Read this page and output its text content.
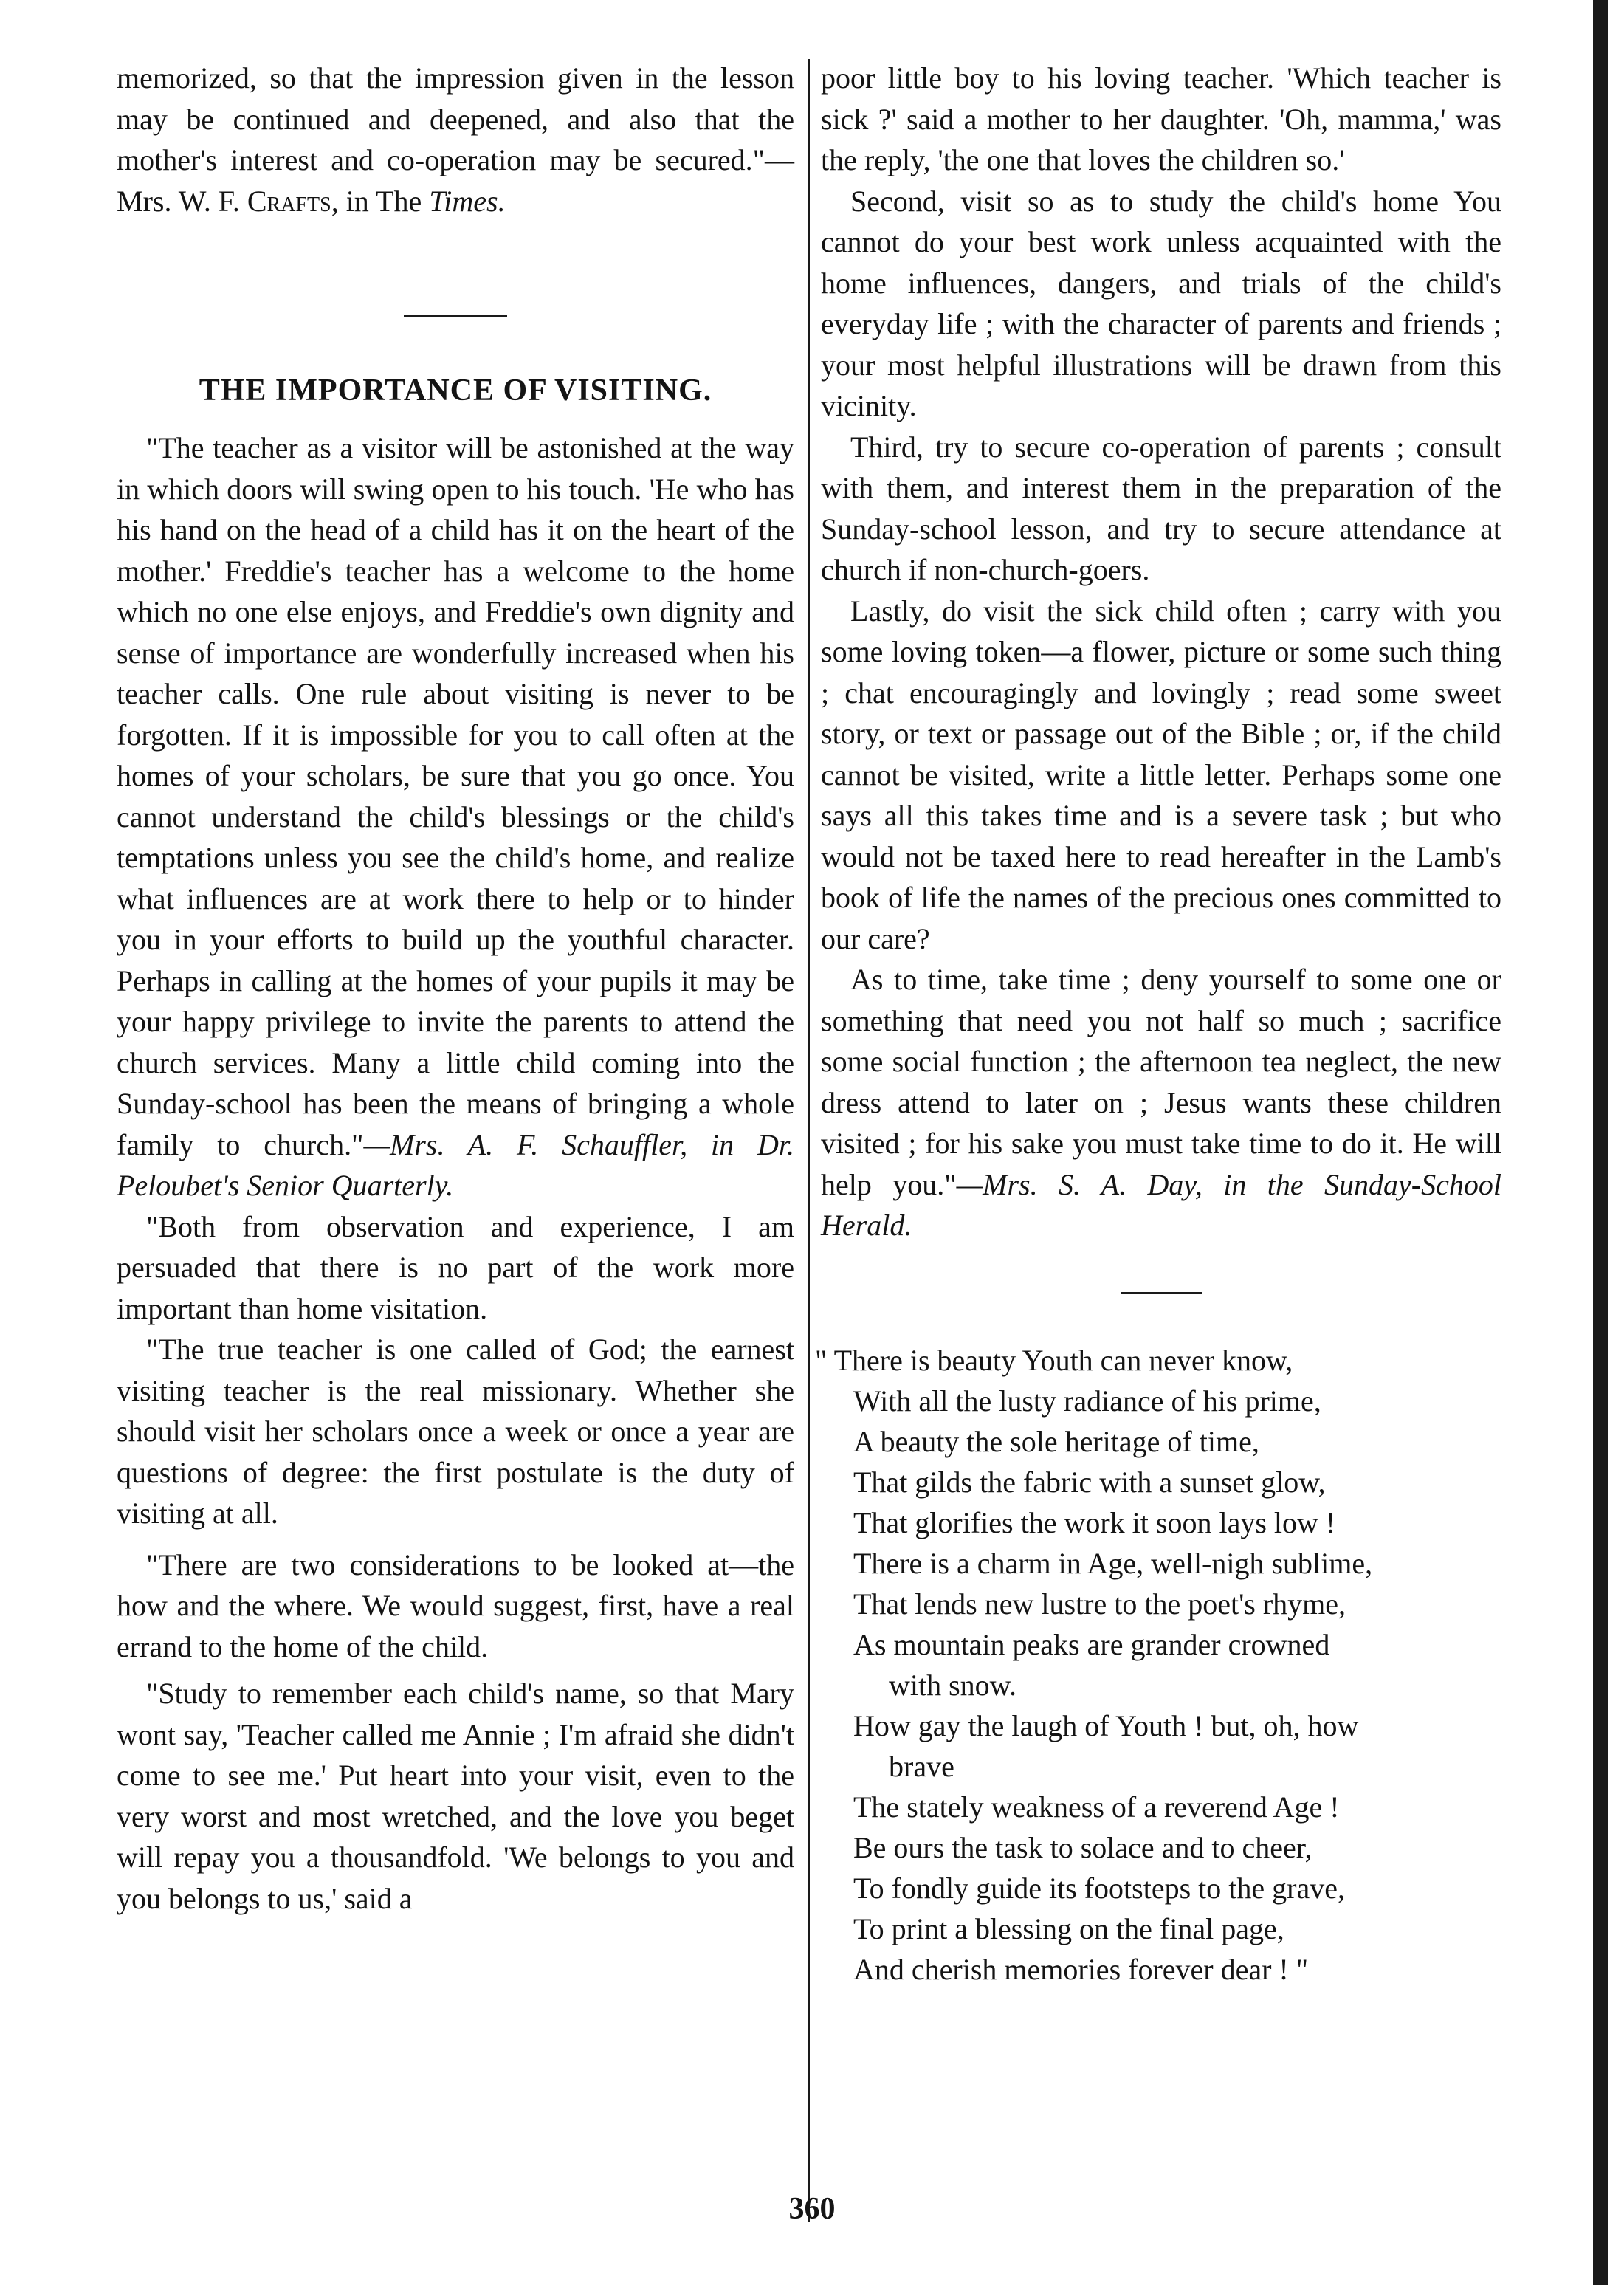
memorized, so that the impression given in the lesson may be continued and deepened, and also that the mother's interest and co-operation may be secured."—Mrs. W. F. Crafts, in The Times.

THE IMPORTANCE OF VISITING.

"The teacher as a visitor will be astonished at the way in which doors will swing open to his touch. 'He who has his hand on the head of a child has it on the heart of the mother.' Freddie's teacher has a welcome to the home which no one else enjoys, and Freddie's own dignity and sense of importance are wonderfully increased when his teacher calls. One rule about visiting is never to be forgotten. If it is impossible for you to call often at the homes of your scholars, be sure that you go once. You cannot understand the child's blessings or the child's temptations unless you see the child's home, and realize what influences are at work there to help or to hinder you in your efforts to build up the youthful character. Perhaps in calling at the homes of your pupils it may be your happy privilege to invite the parents to attend the church services. Many a little child coming into the Sunday-school has been the means of bringing a whole family to church."—Mrs. A. F. Schauffler, in Dr. Peloubet's Senior Quarterly.

"Both from observation and experience, I am persuaded that there is no part of the work more important than home visitation.

"The true teacher is one called of God; the earnest visiting teacher is the real missionary. Whether she should visit her scholars once a week or once a year are questions of degree: the first postulate is the duty of visiting at all.

"There are two considerations to be looked at—the how and the where. We would suggest, first, have a real errand to the home of the child.

"Study to remember each child's name, so that Mary wont say, 'Teacher called me Annie ; I'm afraid she didn't come to see me.' Put heart into your visit, even to the very worst and most wretched, and the love you beget will repay you a thousandfold. 'We belongs to you and you belongs to us,' said a

poor little boy to his loving teacher. 'Which teacher is sick ?' said a mother to her daughter. 'Oh, mamma,' was the reply, 'the one that loves the children so.'

Second, visit so as to study the child's home You cannot do your best work unless acquainted with the home influences, dangers, and trials of the child's everyday life ; with the character of parents and friends ; your most helpful illustrations will be drawn from this vicinity.

Third, try to secure co-operation of parents ; consult with them, and interest them in the preparation of the Sunday-school lesson, and try to secure attendance at church if non-church-goers.

Lastly, do visit the sick child often ; carry with you some loving token—a flower, picture or some such thing ; chat encouragingly and lovingly ; read some sweet story, or text or passage out of the Bible ; or, if the child cannot be visited, write a little letter. Perhaps some one says all this takes time and is a severe task ; but who would not be taxed here to read hereafter in the Lamb's book of life the names of the precious ones committed to our care?

As to time, take time ; deny yourself to some one or something that need you not half so much ; sacrifice some social function ; the afternoon tea neglect, the new dress attend to later on ; Jesus wants these children visited ; for his sake you must take time to do it. He will help you."—Mrs. S. A. Day, in the Sunday-School Herald.

" There is beauty Youth can never know,
With all the lusty radiance of his prime,
A beauty the sole heritage of time,
That gilds the fabric with a sunset glow,
That glorifies the work it soon lays low !
There is a charm in Age, well-nigh sublime,
That lends new lustre to the poet's rhyme,
As mountain peaks are grander crowned
with snow.
How gay the laugh of Youth ! but, oh, how
brave
The stately weakness of a reverend Age !
Be ours the task to solace and to cheer,
To fondly guide its footsteps to the grave,
To print a blessing on the final page,
And cherish memories forever dear ! "
360
